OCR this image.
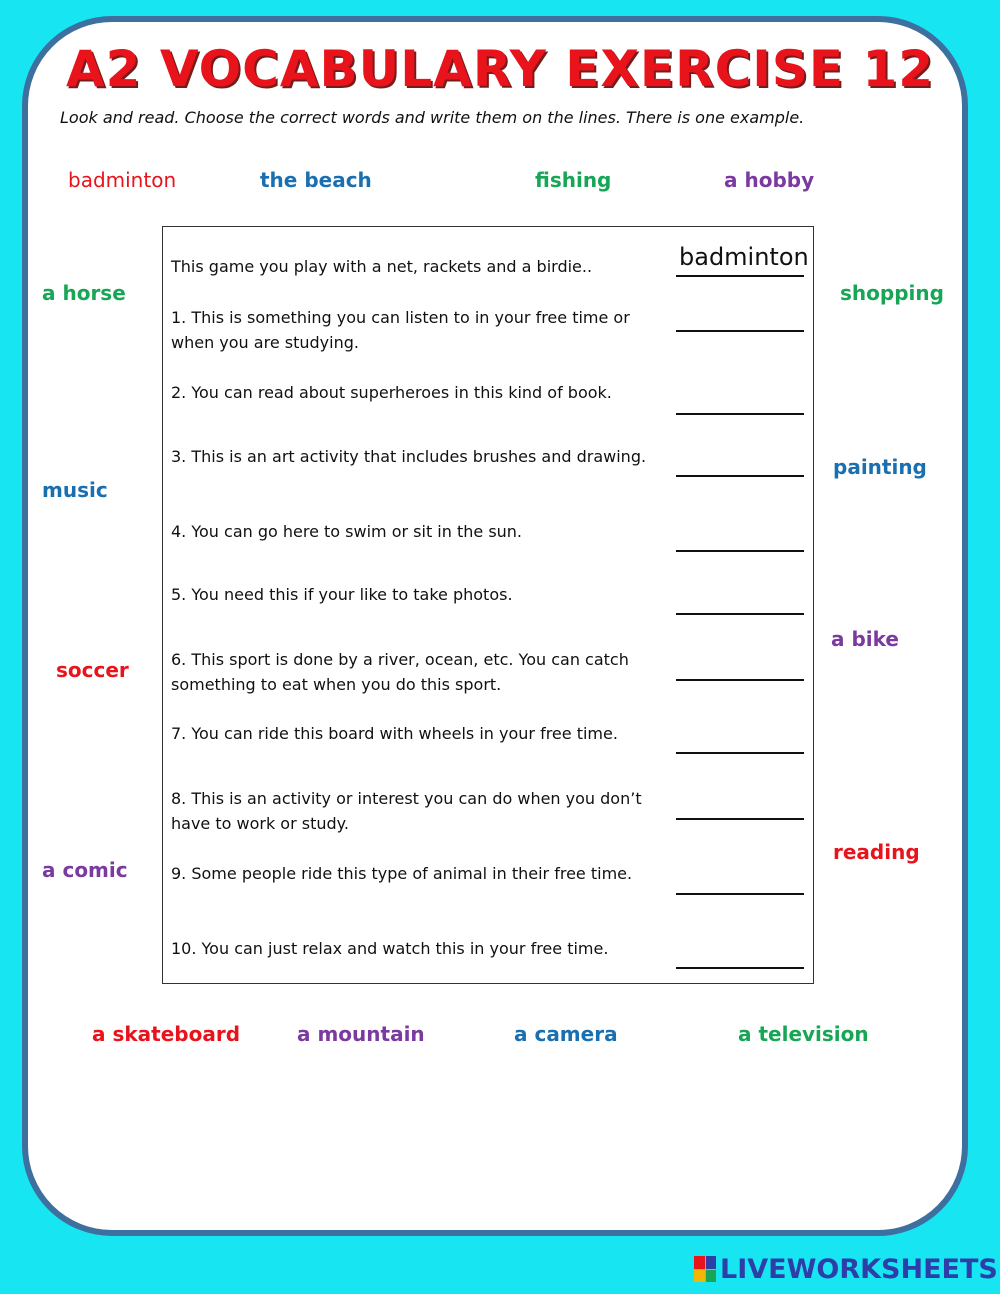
A2 VOCABULARY EXERCISE 12
Look and read. Choose the correct words and write them on the lines. There is one example.
badminton	the beach	fishing	a hobby
a horse	shopping
music
painting
soccer
a bike
a comic
reading
a skateboard	a mountain	a camera	a television
This game you play with a net, rackets and a birdie..	badminton
1. This is something you can listen to in your free time or when you are studying.
2. You can read about superheroes in this kind of book.
3. This is an art activity that includes brushes and drawing.
4. You can go here to swim or sit in the sun.
5. You need this if your like to take photos.
6. This sport is done by a river, ocean, etc. You can catch something to eat when you do this sport.
7. You can ride this board with wheels in your free time.
8. This is an activity or interest you can do when you don’t have to work or study.
9. Some people ride this type of animal in their free time.
10. You can just relax and watch this in your free time.
LIVEWORKSHEETS
